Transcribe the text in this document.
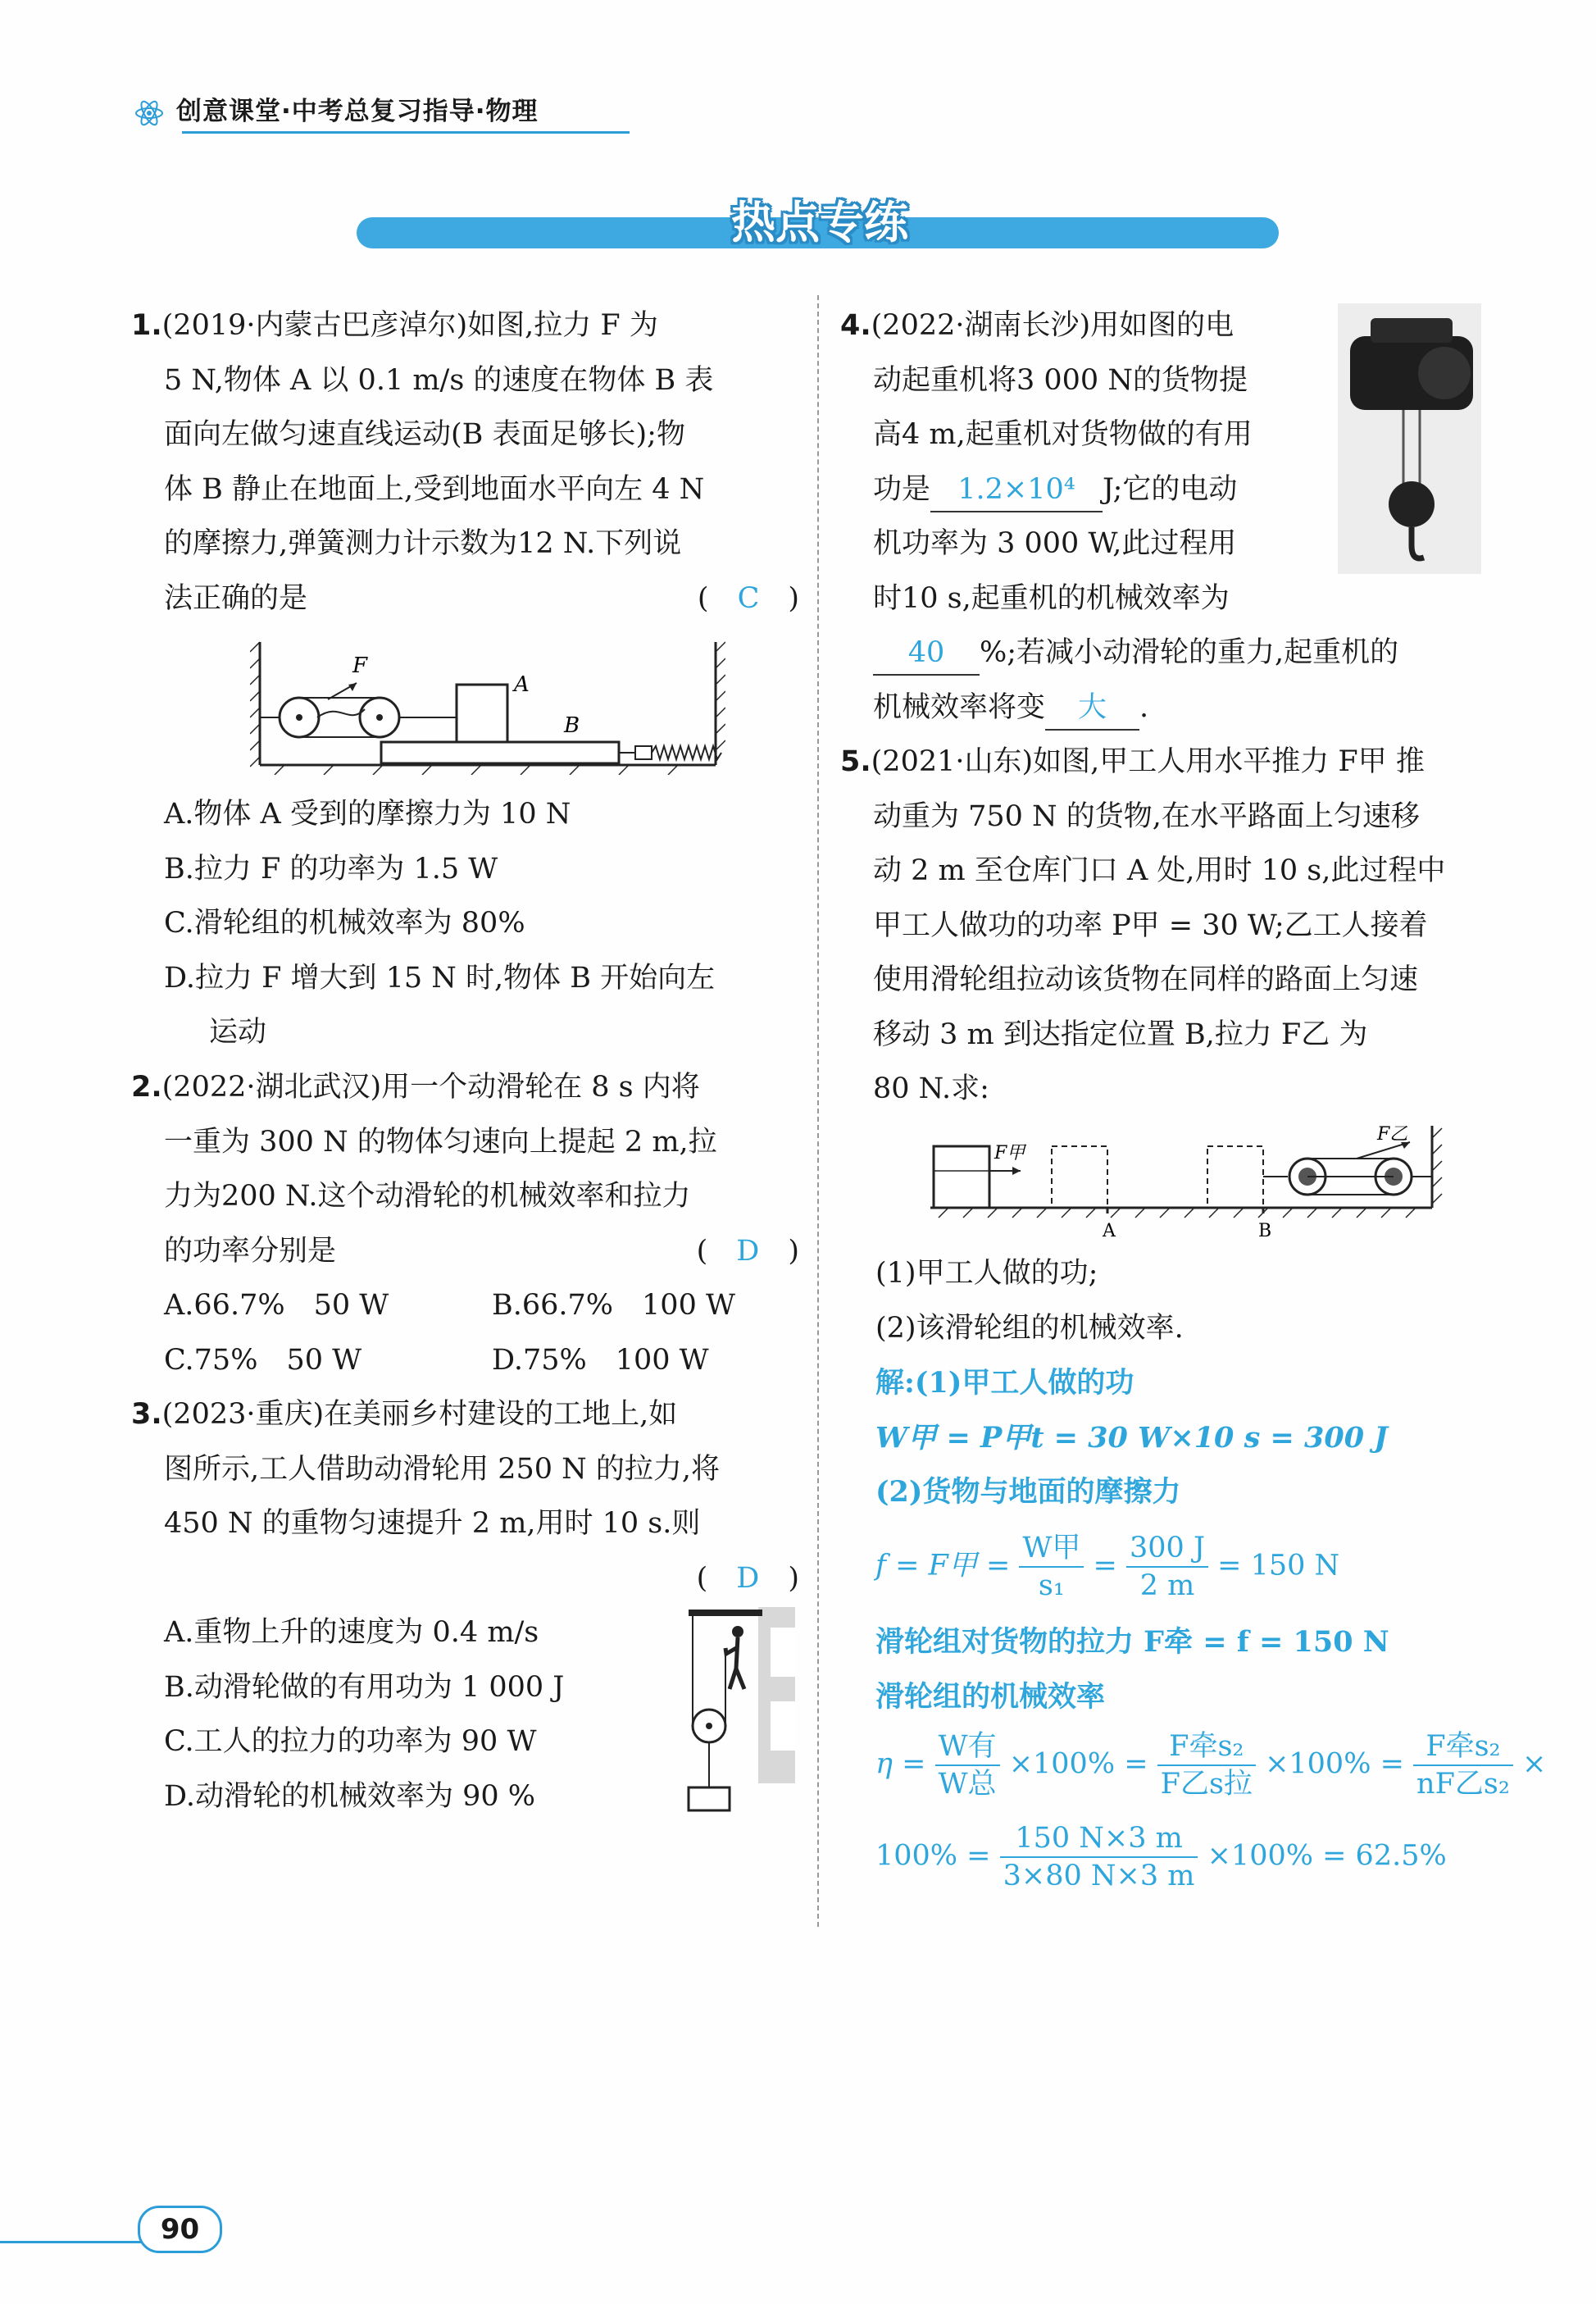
创意课堂·中考总复习指导·物理
热点专练

1.(2019·内蒙古巴彦淖尔)如图,拉力 F 为

5 N,物体 A 以 0.1 m/s 的速度在物体 B 表

面向左做匀速直线运动(B 表面足够长);物

体 B 静止在地面上,受到地面水平向左 4 N

的摩擦力,弹簧测力计示数为12 N.下列说

法正确的是	(　C　)

F
A
B

A.物体 A 受到的摩擦力为 10 N

B.拉力 F 的功率为 1.5 W

C.滑轮组的机械效率为 80%

D.拉力 F 增大到 15 N 时,物体 B 开始向左

运动

2.(2022·湖北武汉)用一个动滑轮在 8 s 内将

一重为 300 N 的物体匀速向上提起 2 m,拉

力为200 N.这个动滑轮的机械效率和拉力

的功率分别是	(　D　)

A.66.7%　50 W	B.66.7%　100 W

C.75%　50 W	D.75%　100 W

3.(2023·重庆)在美丽乡村建设的工地上,如

图所示,工人借助动滑轮用 250 N 的拉力,将

450 N 的重物匀速提升 2 m,用时 10 s.则

(　D　)

A.重物上升的速度为 0.4 m/s

B.动滑轮做的有用功为 1 000 J

C.工人的拉力的功率为 90 W

D.动滑轮的机械效率为 90 %

4.(2022·湖南长沙)用如图的电

动起重机将3 000 N的货物提

高4 m,起重机对货物做的有用

功是 1.2×10⁴ J;它的电动

机功率为 3 000 W,此过程用

时10 s,起重机的机械效率为

40 %;若减小动滑轮的重力,起重机的

机械效率将变 大 .

5.(2021·山东)如图,甲工人用水平推力 F甲 推

动重为 750 N 的货物,在水平路面上匀速移

动 2 m 至仓库门口 A 处,用时 10 s,此过程中

甲工人做功的功率 P甲 = 30 W;乙工人接着

使用滑轮组拉动该货物在同样的路面上匀速

移动 3 m 到达指定位置 B,拉力 F乙 为

80 N.求:

F甲
A	B
F乙

(1)甲工人做的功;

(2)该滑轮组的机械效率.

解:(1)甲工人做的功

W甲 = P甲t = 30 W×10 s = 300 J

(2)货物与地面的摩擦力

f = F甲 = $\frac{\text{W甲}}{\text{s₁}} = \frac{300 J}{2 m} = 150$ N

滑轮组对货物的拉力 F牵 = f = 150 N

滑轮组的机械效率

$\eta = \frac{\text{W有}}{\text{W总}} \times 100\% = \frac{\text{F牵s₂}}{\text{F乙s拉}} \times 100\% = \frac{\text{F牵s₂}}{\text{nF乙s₂}}$ ×
$100\% = \frac{150 N\times 3 m}{3\times 80 N\times 3 m} \times 100\% = 62.5\%$
90
